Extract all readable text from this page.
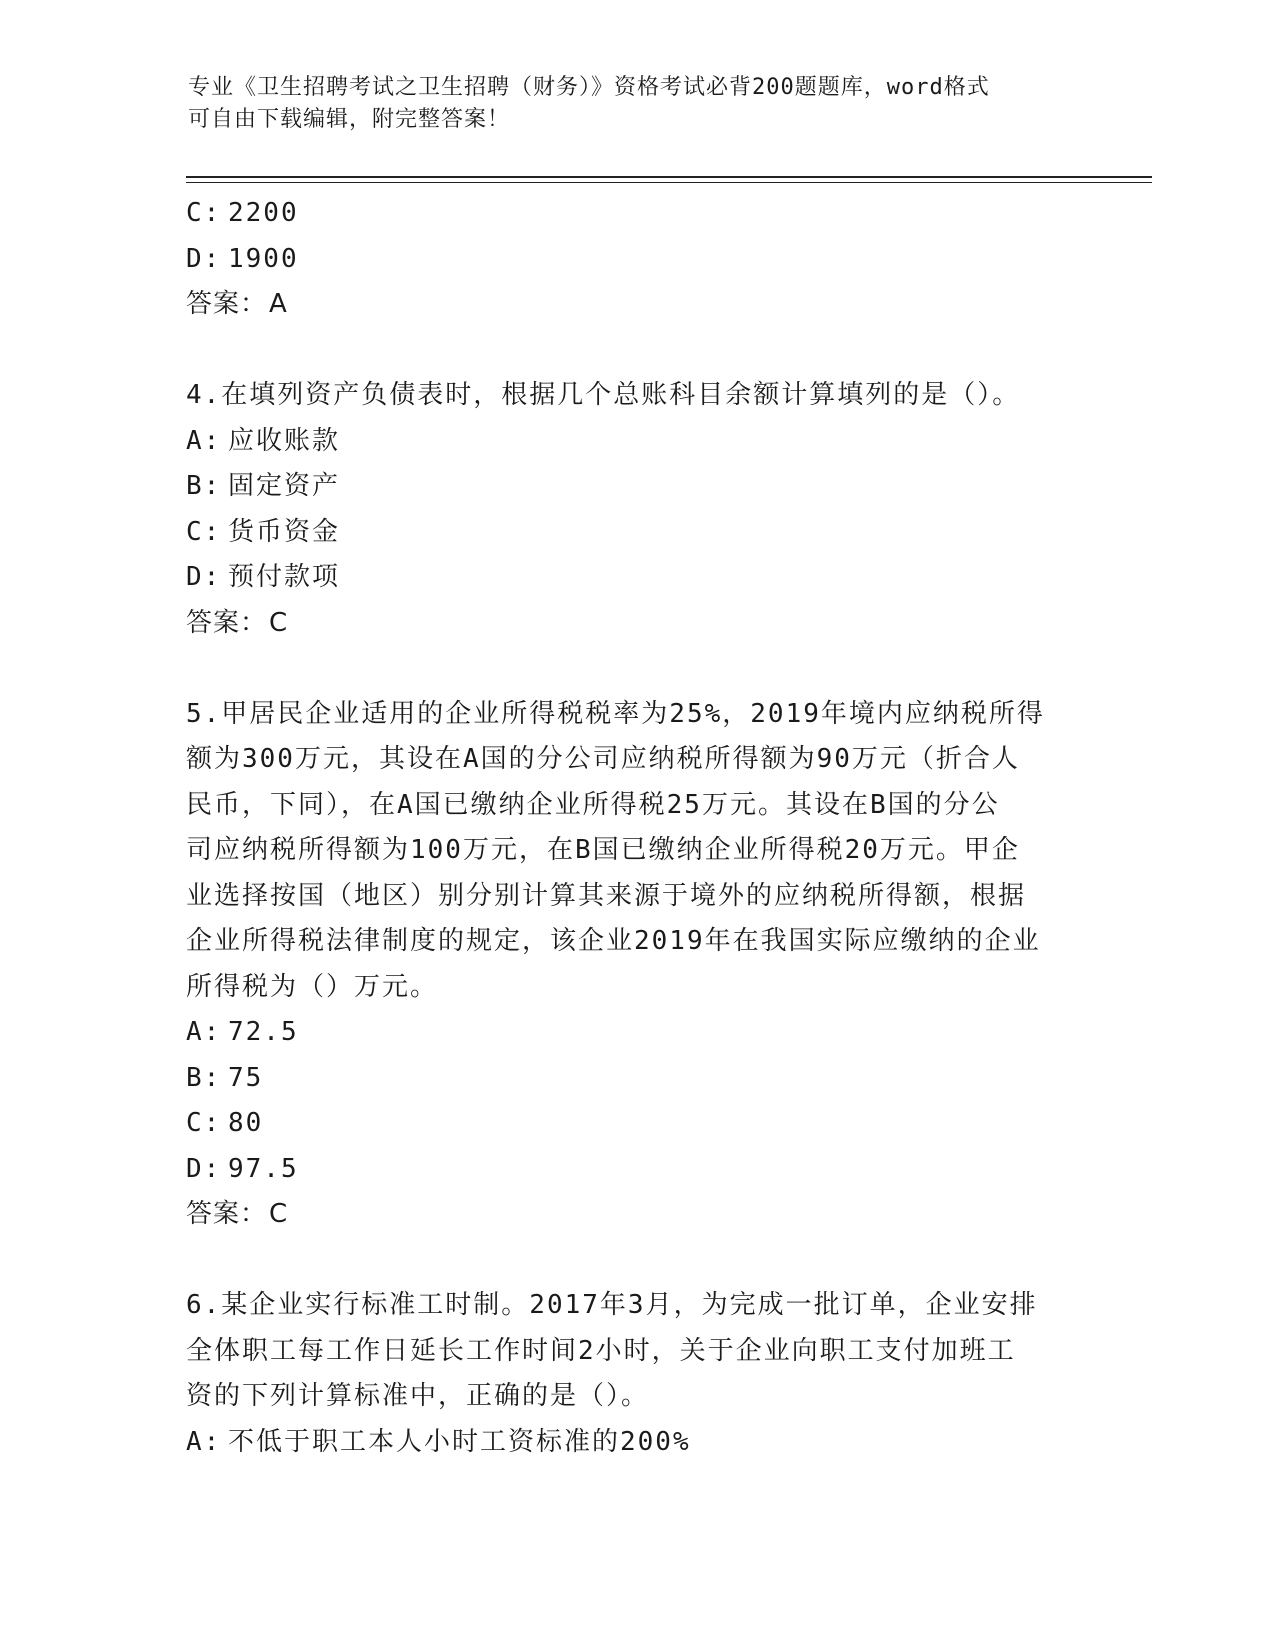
专业《卫生招聘考试之卫生招聘（财务）》资格考试必背200题题库，word格式
可自由下载编辑，附完整答案！
C: 2200
D: 1900
答案：A
4.在填列资产负债表时，根据几个总账科目余额计算填列的是（）。
A: 应收账款
B: 固定资产
C: 货币资金
D: 预付款项
答案：C
5.甲居民企业适用的企业所得税税率为25%，2019年境内应纳税所得
额为300万元，其设在A国的分公司应纳税所得额为90万元（折合人
民币，下同），在A国已缴纳企业所得税25万元。其设在B国的分公
司应纳税所得额为100万元，在B国已缴纳企业所得税20万元。甲企
业选择按国（地区）别分别计算其来源于境外的应纳税所得额，根据
企业所得税法律制度的规定，该企业2019年在我国实际应缴纳的企业
所得税为（）万元。
A: 72.5
B: 75
C: 80
D: 97.5
答案：C
6.某企业实行标准工时制。2017年3月，为完成一批订单，企业安排
全体职工每工作日延长工作时间2小时，关于企业向职工支付加班工
资的下列计算标准中，正确的是（）。
A: 不低于职工本人小时工资标准的200%
